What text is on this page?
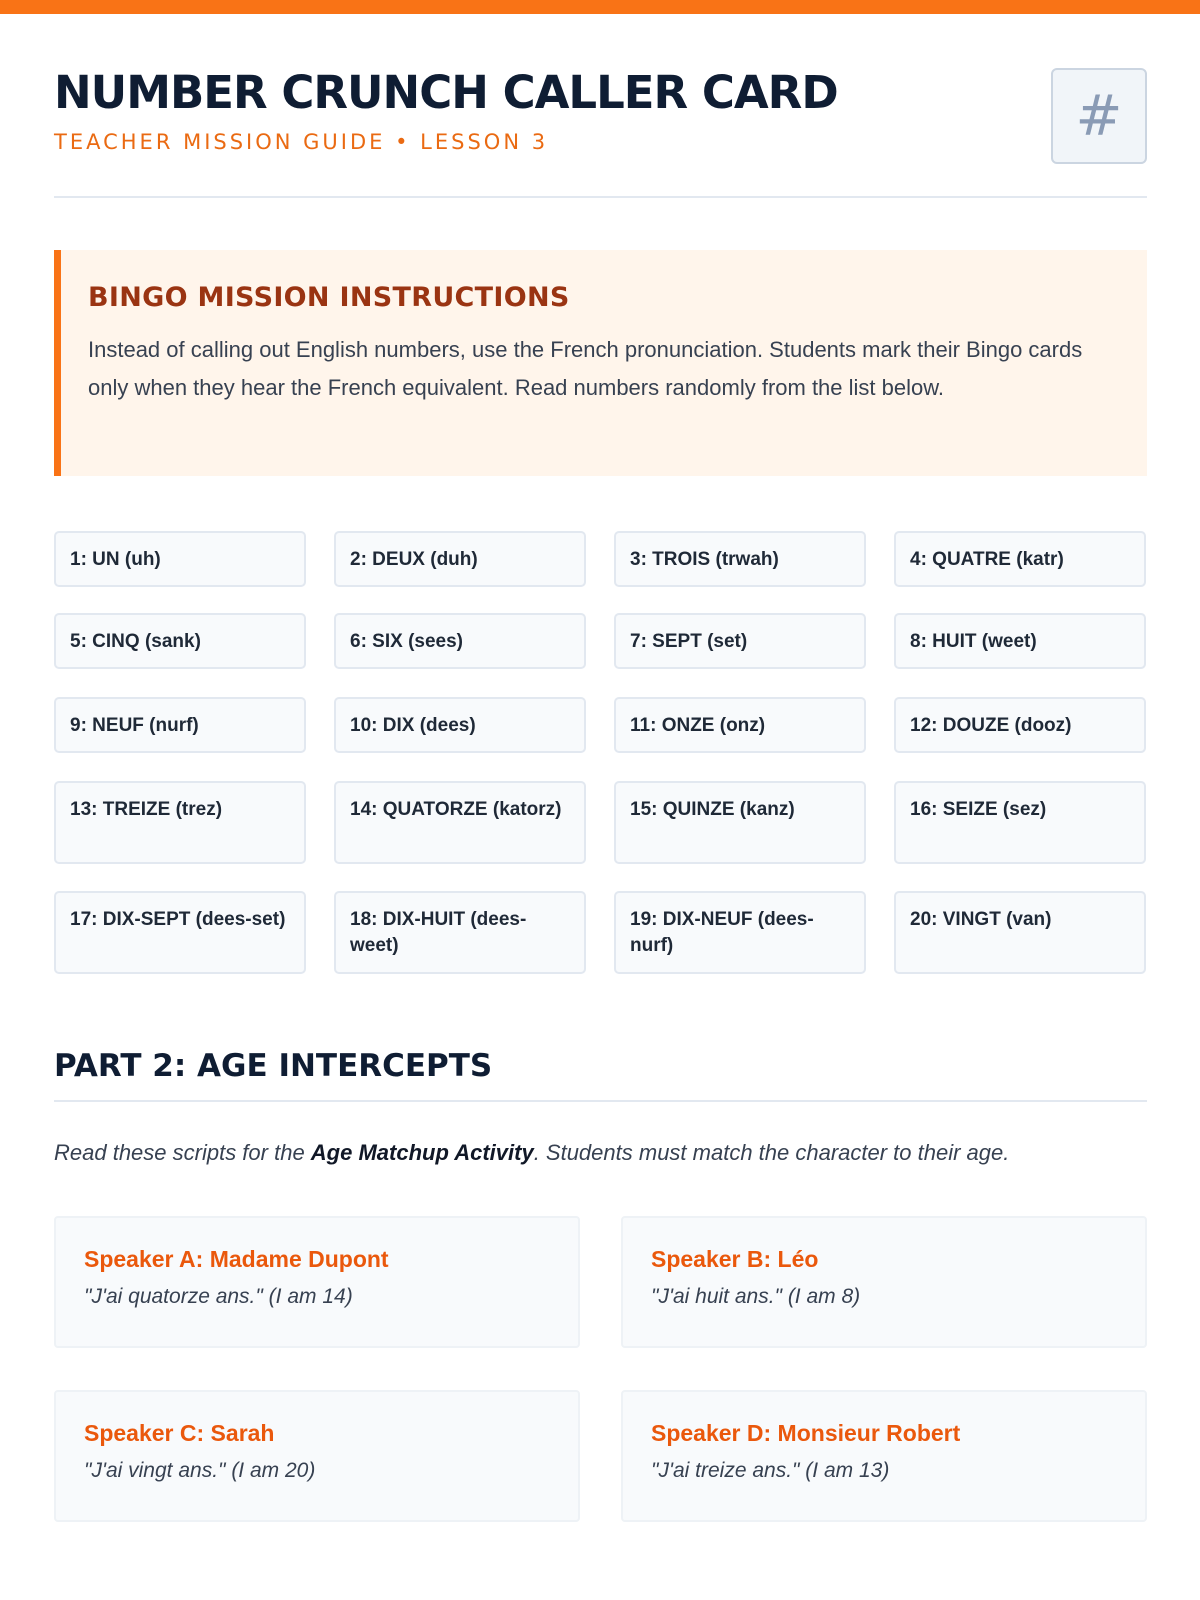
NUMBER CRUNCH CALLER CARD
TEACHER MISSION GUIDE • LESSON 3	#
BINGO MISSION INSTRUCTIONS
Instead of calling out English numbers, use the French pronunciation. Students mark their Bingo cards only when they hear the French equivalent. Read numbers randomly from the list below.
1: UN (uh)	2: DEUX (duh)	3: TROIS (trwah)	4: QUATRE (katr)
5: CINQ (sank)	6: SIX (sees)	7: SEPT (set)	8: HUIT (weet)
9: NEUF (nurf)	10: DIX (dees)	11: ONZE (onz)	12: DOUZE (dooz)
13: TREIZE (trez)	14: QUATORZE (katorz)	15: QUINZE (kanz)	16: SEIZE (sez)
17: DIX-SEPT (dees-set)	18: DIX-HUIT (dees-weet)
19: DIX-NEUF (dees-nurf)
20: VINGT (van)
PART 2: AGE INTERCEPTS
Read these scripts for the Age Matchup Activity. Students must match the character to their age.
Speaker A: Madame Dupont
"J'ai quatorze ans." (I am 14)
Speaker B: Léo
"J'ai huit ans." (I am 8)
Speaker C: Sarah
"J'ai vingt ans." (I am 20)
Speaker D: Monsieur Robert
"J'ai treize ans." (I am 13)
